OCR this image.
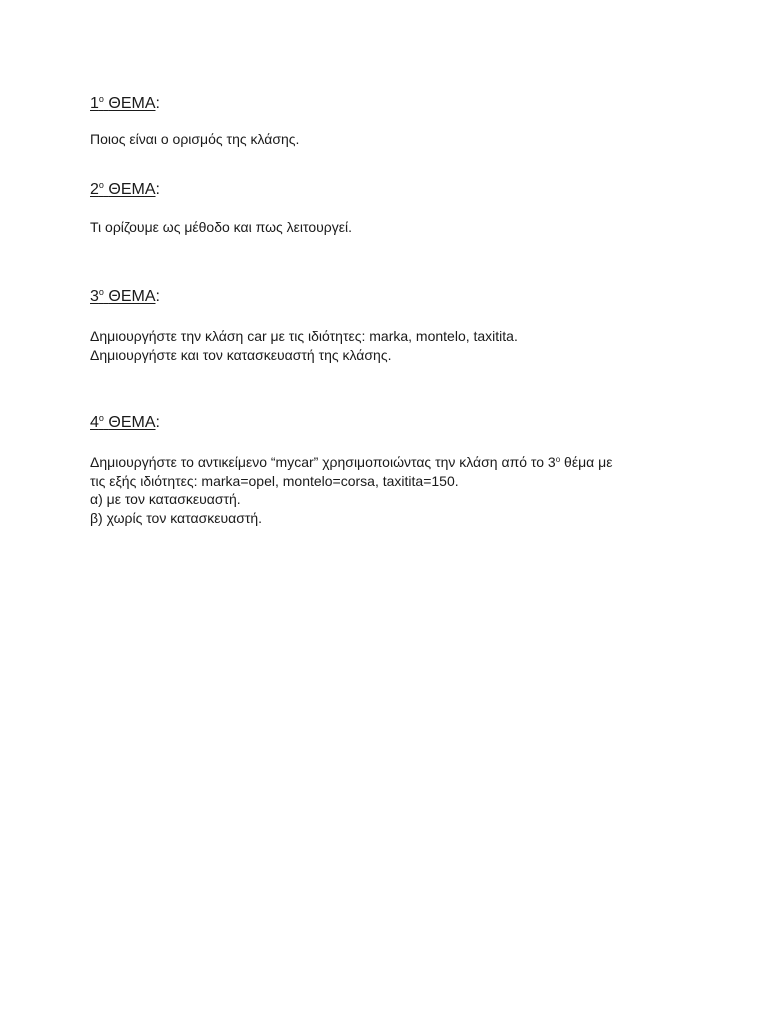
$1^o$ ΘΕΜΑ:
Ποιος είναι ο ορισμός της κλάσης.
$2^o$ ΘΕΜΑ:
Τι ορίζουμε ως μέθοδο και πως λειτουργεί.
$3^o$ ΘΕΜΑ:
Δημιουργήστε την κλάση car με τις ιδιότητες: marka, montelo, taxitita.
Δημιουργήστε και τον κατασκευαστή της κλάσης.
$4^o$ ΘΕΜΑ:
Δημιουργήστε το αντικείμενο “mycar” χρησιμοποιώντας την κλάση από το $3^o$ θέμα με
τις εξής ιδιότητες: marka=opel, montelo=corsa, taxitita=150.
α) με τον κατασκευαστή.
β) χωρίς τον κατασκευαστή.
